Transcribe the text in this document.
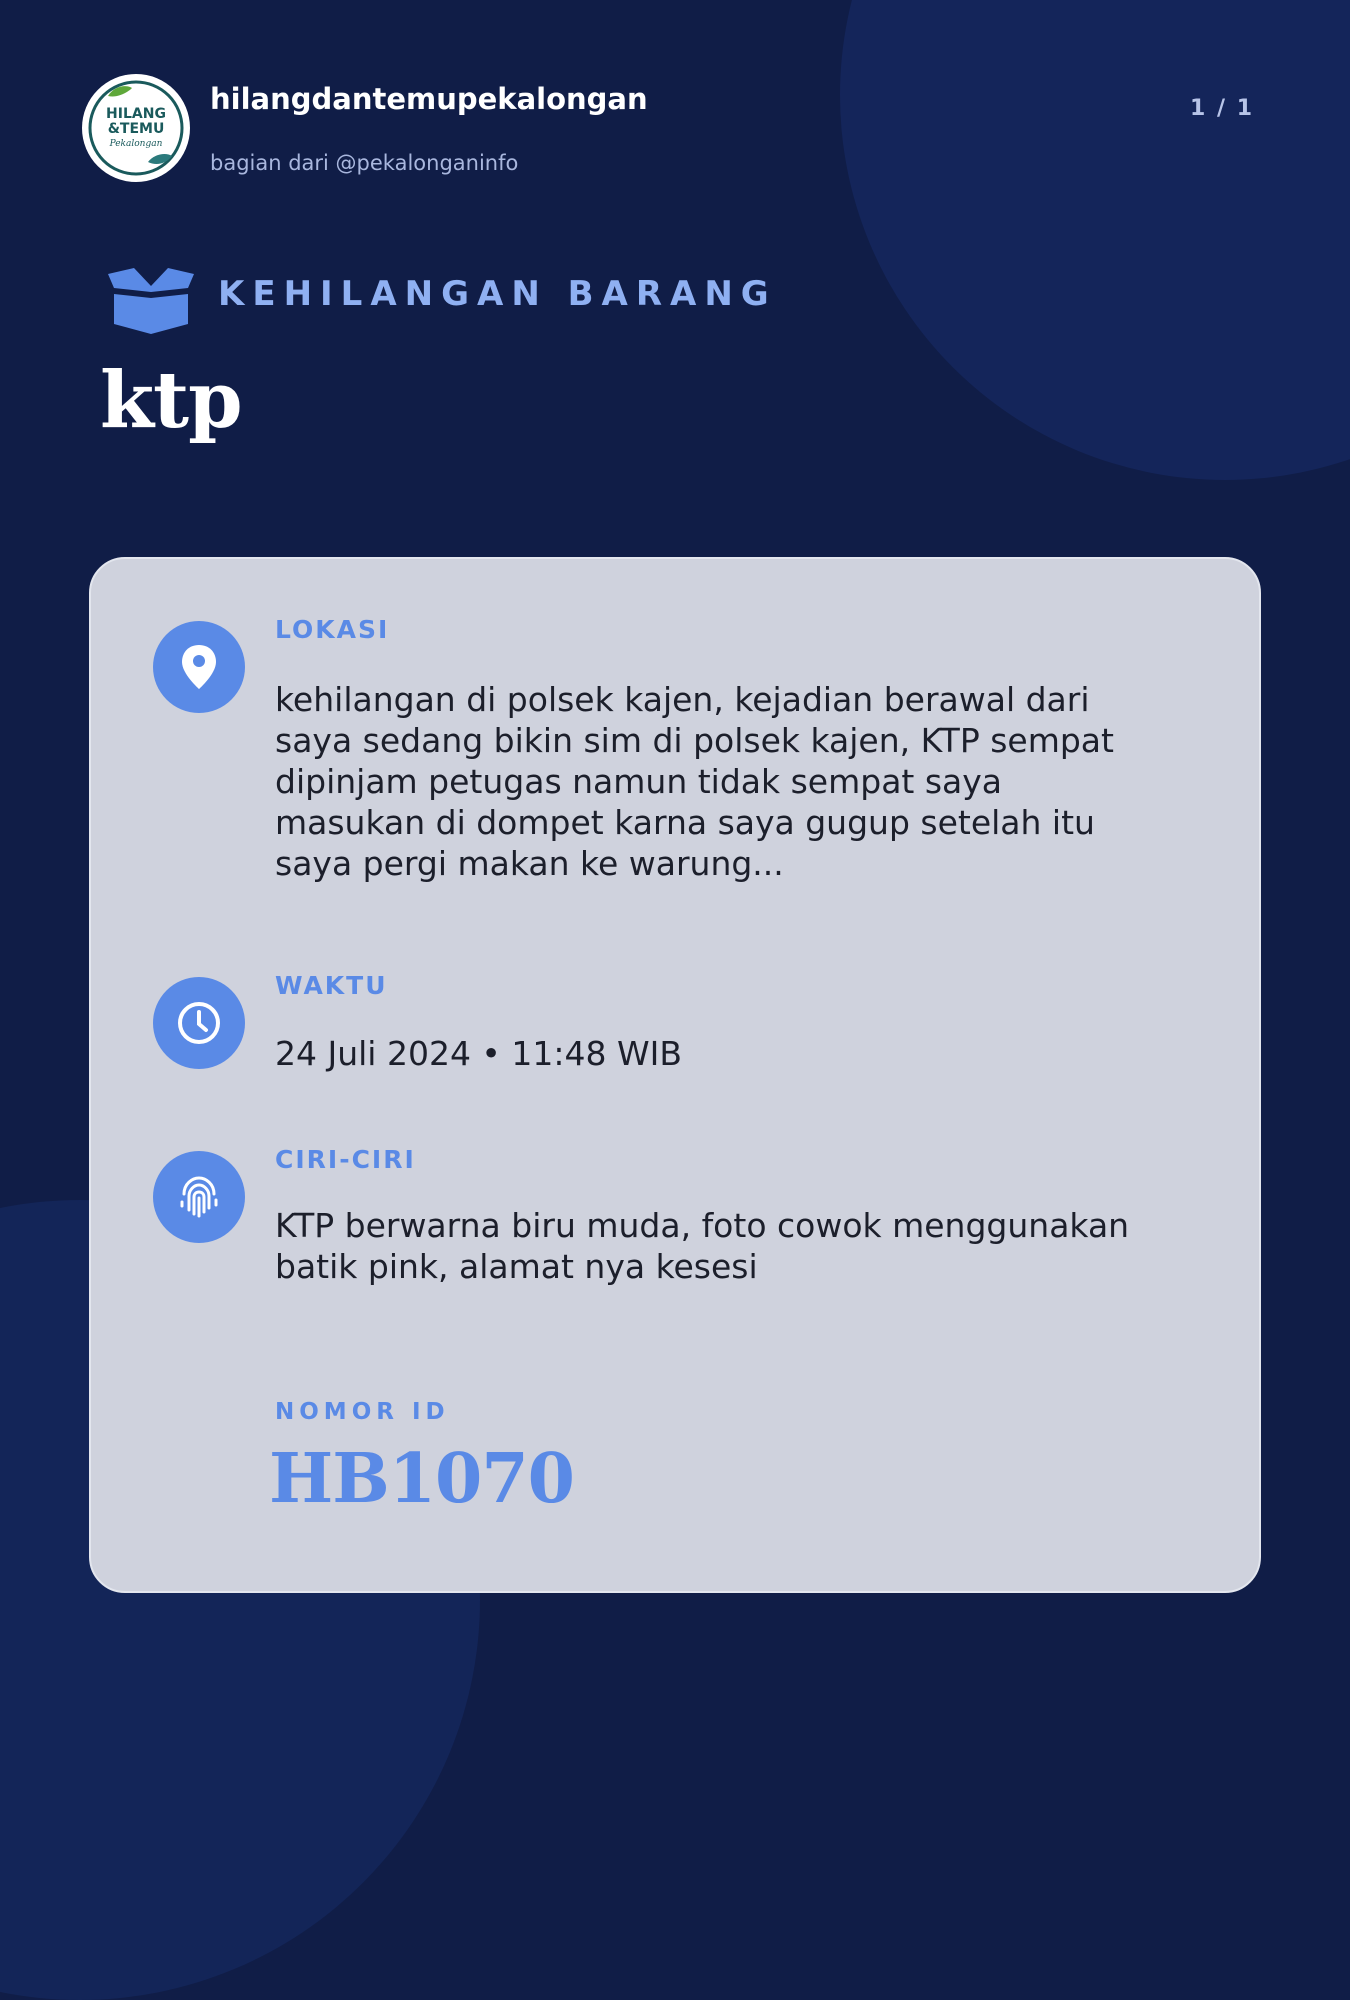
HILANG
&TEMU
Pekalongan
hilangdantemupekalongan
bagian dari @pekalonganinfo
1 / 1
KEHILANGAN BARANG
ktp
LOKASI
kehilangan di polsek kajen, kejadian berawal dari saya sedang bikin sim di polsek kajen, KTP sempat dipinjam petugas namun tidak sempat saya masukan di dompet karna saya gugup setelah itu saya pergi makan ke warung...
WAKTU
24 Juli 2024 • 11:48 WIB
CIRI-CIRI
KTP berwarna biru muda, foto cowok menggunakan batik pink, alamat nya kesesi
NOMOR ID
HB1070
